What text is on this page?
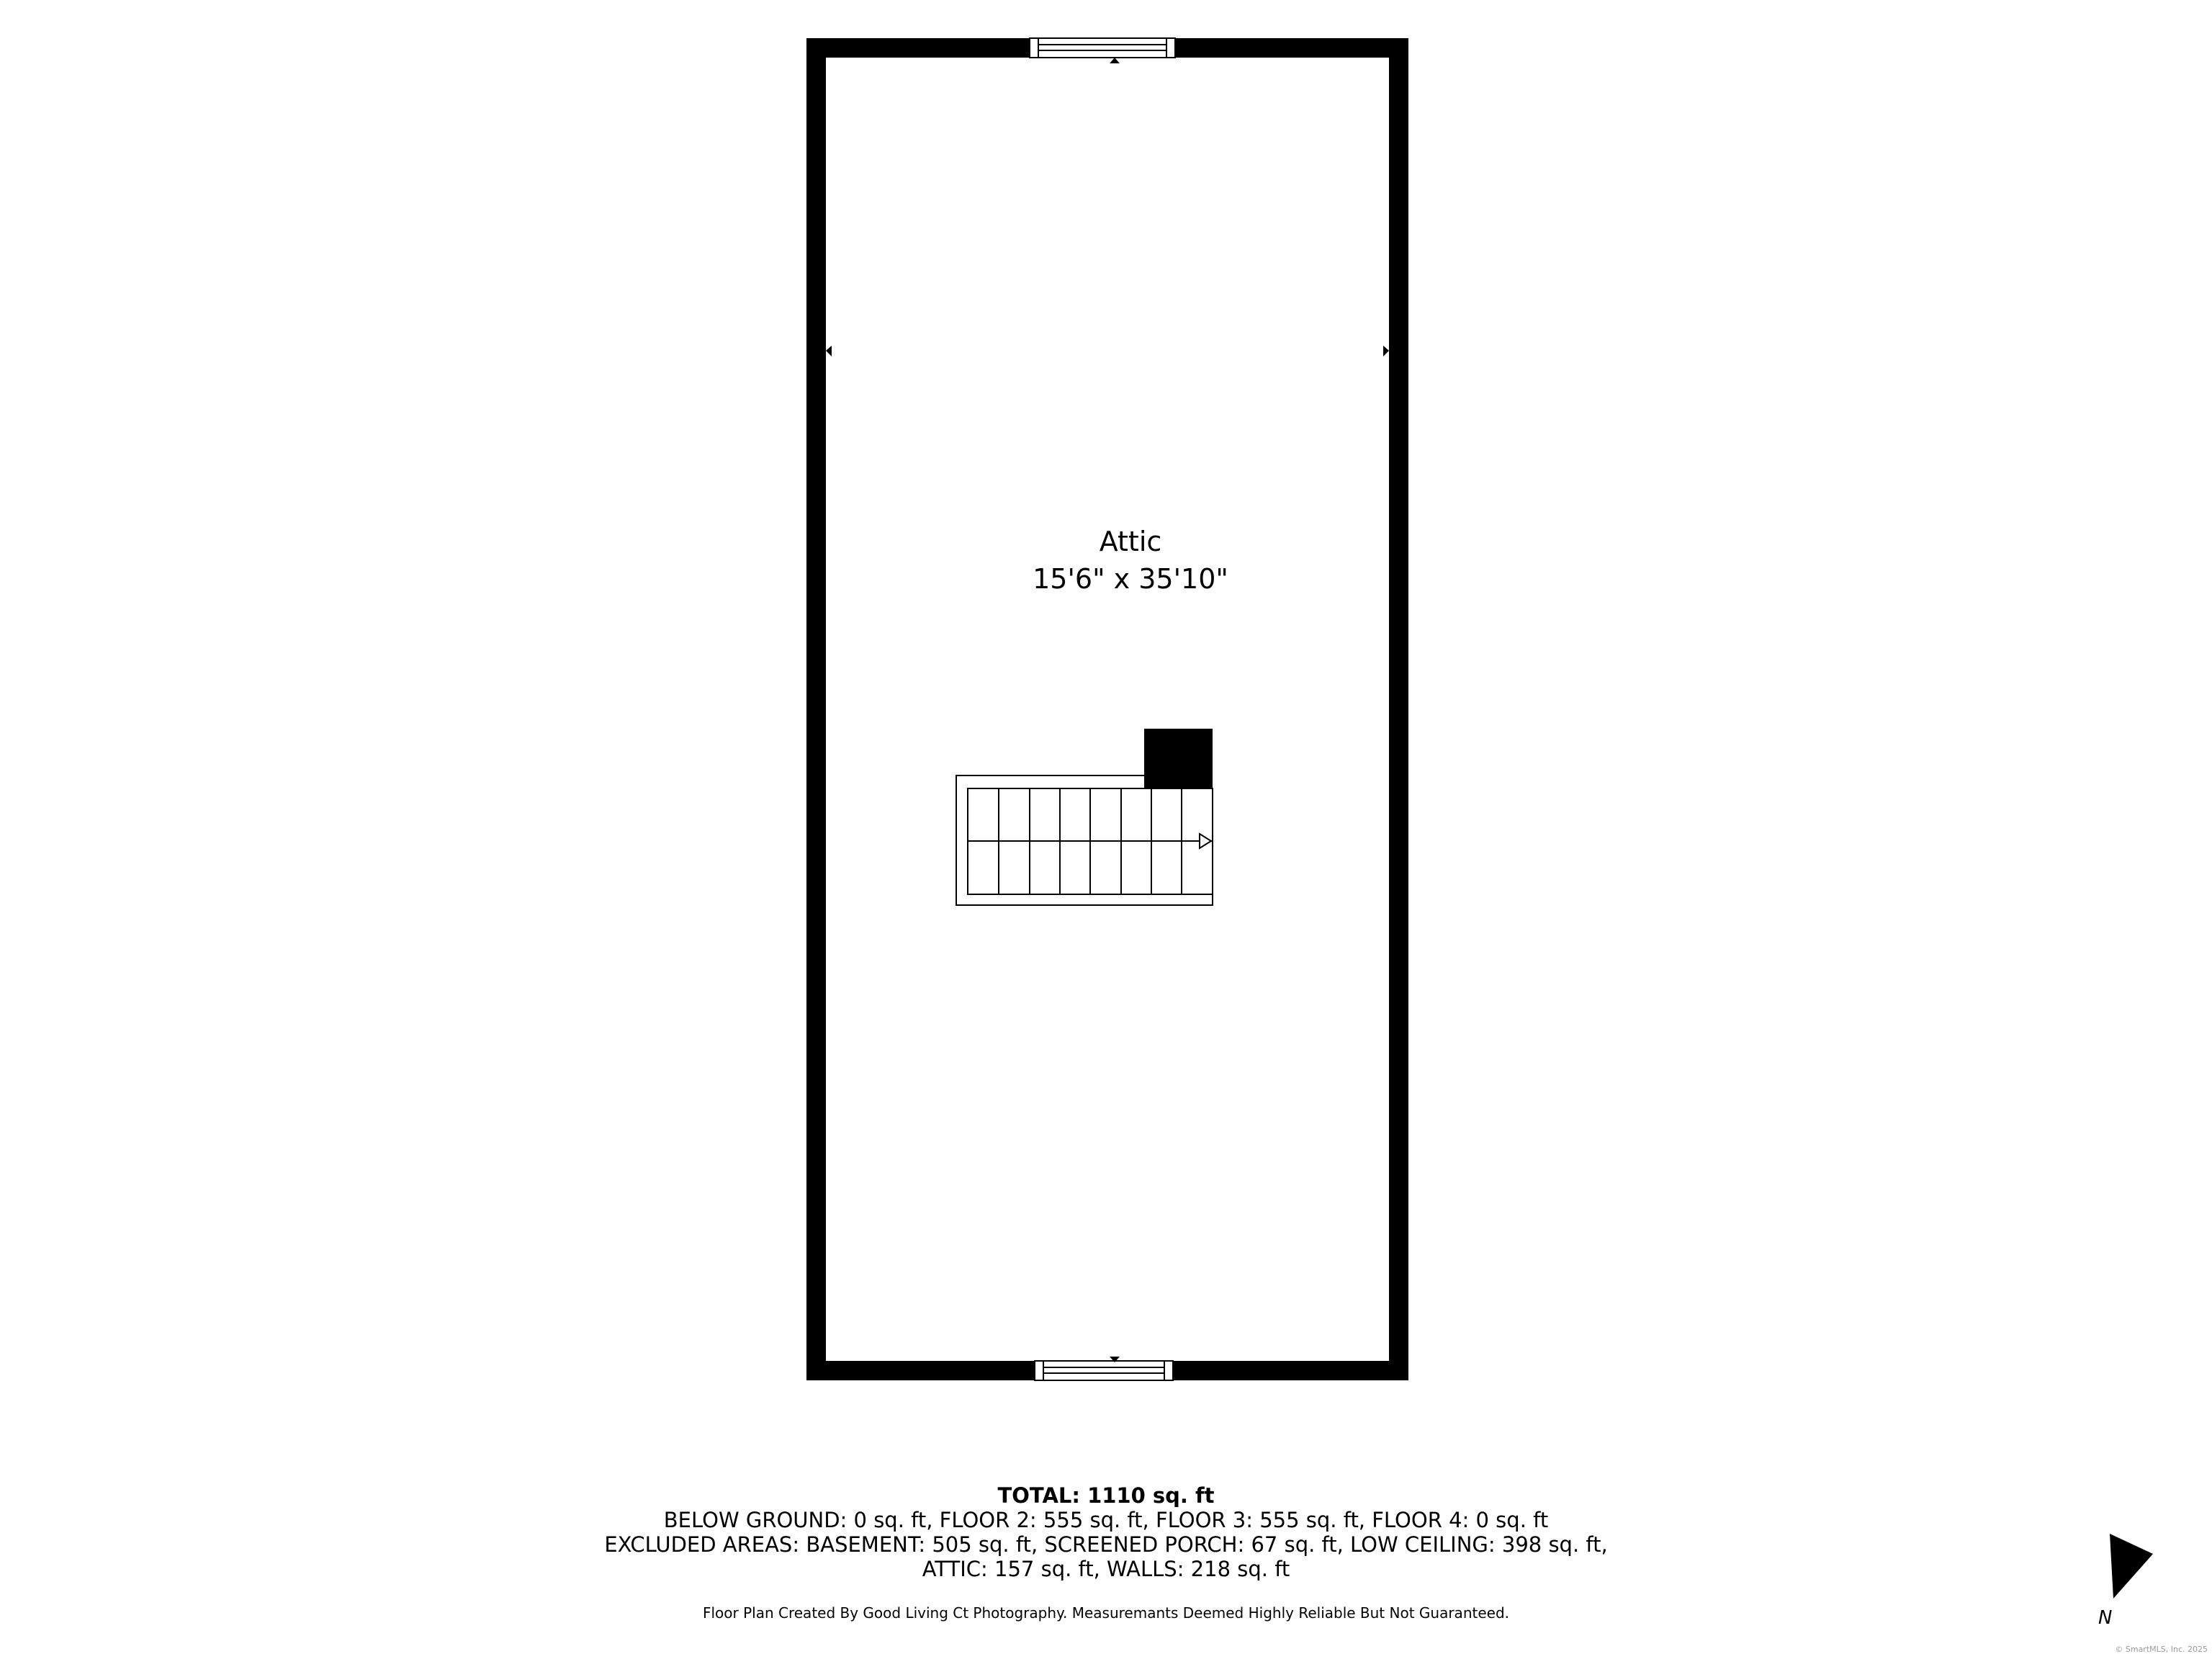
Attic
15'6" x 35'10"
TOTAL: 1110 sq. ft
BELOW GROUND: 0 sq. ft, FLOOR 2: 555 sq. ft, FLOOR 3: 555 sq. ft, FLOOR 4: 0 sq. ft
EXCLUDED AREAS: BASEMENT: 505 sq. ft, SCREENED PORCH: 67 sq. ft, LOW CEILING: 398 sq. ft,
ATTIC: 157 sq. ft, WALLS: 218 sq. ft
Floor Plan Created By Good Living Ct Photography. Measuremants Deemed Highly Reliable But Not Guaranteed.	N
© SmartMLS, Inc. 2025
